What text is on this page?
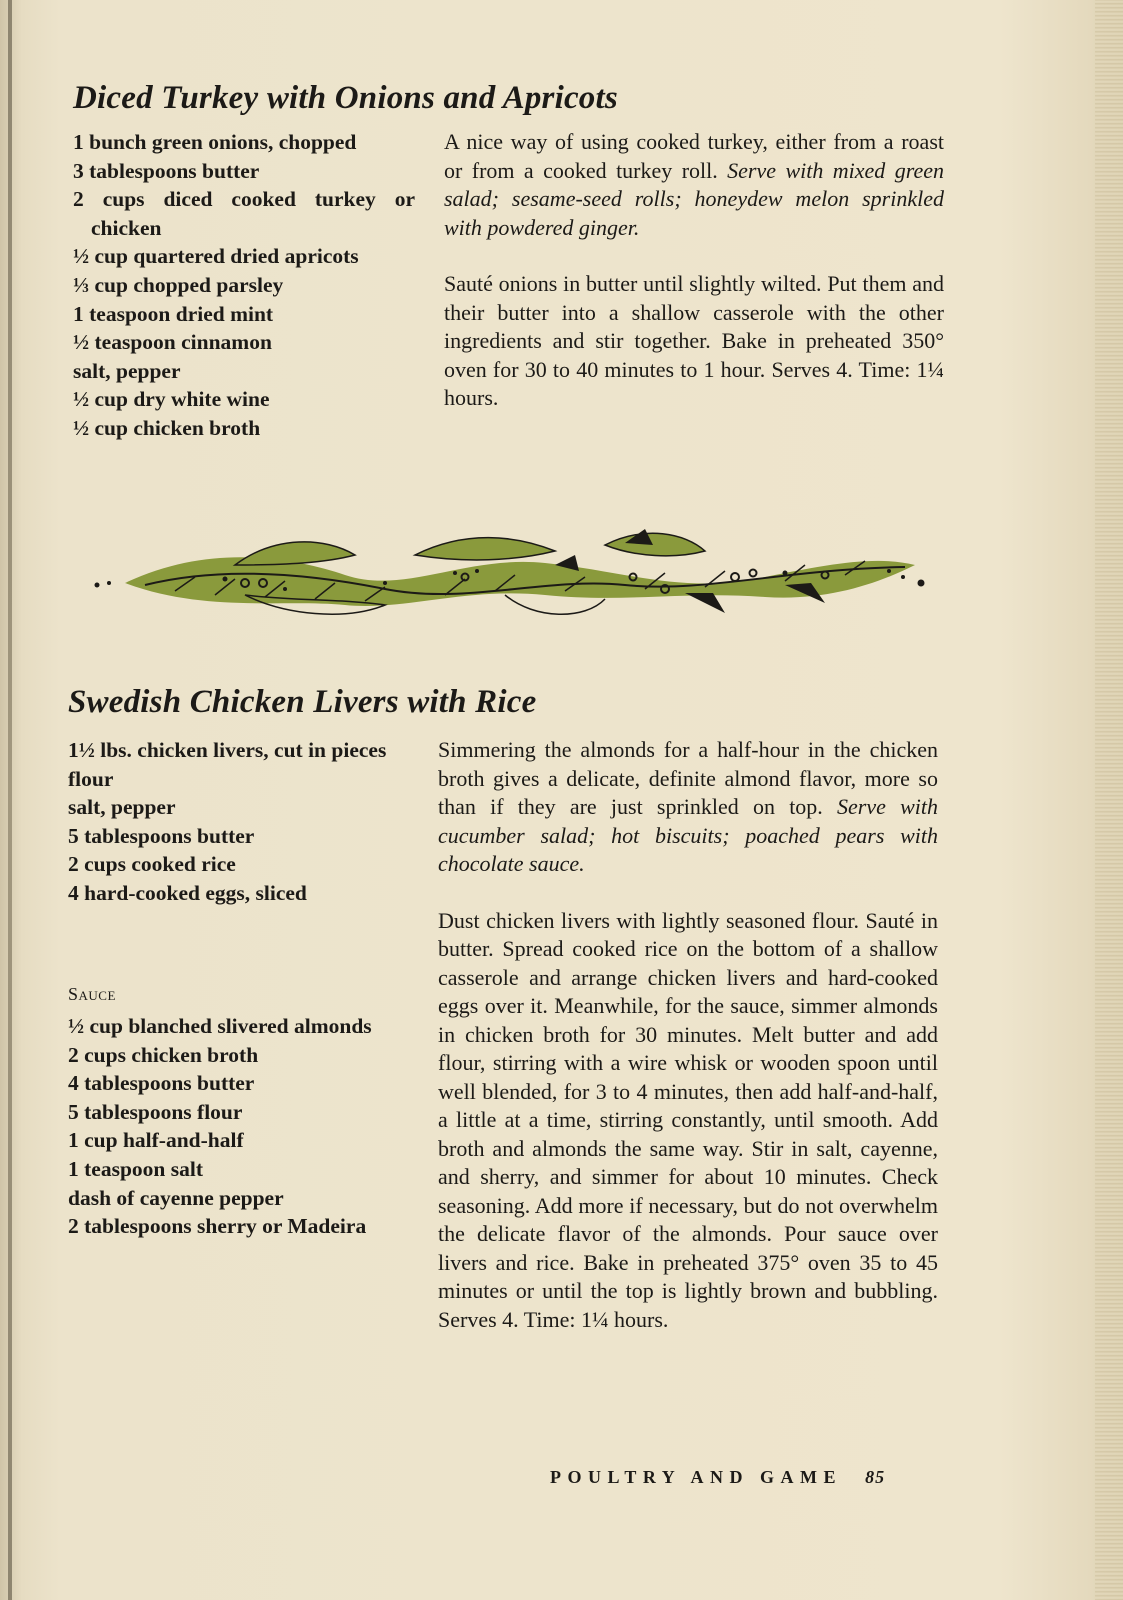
Diced Turkey with Onions and Apricots
1 bunch green onions, chopped
3 tablespoons butter
2 cups diced cooked turkey or chicken
½ cup quartered dried apricots
⅓ cup chopped parsley
1 teaspoon dried mint
½ teaspoon cinnamon
salt, pepper
½ cup dry white wine
½ cup chicken broth

A nice way of using cooked turkey, either from a roast or from a cooked turkey roll. Serve with mixed green salad; sesame-seed rolls; honeydew melon sprinkled with powdered ginger.

Sauté onions in butter until slightly wilted. Put them and their butter into a shallow casserole with the other ingredients and stir together. Bake in preheated 350° oven for 30 to 40 minutes to 1 hour. Serves 4. Time: 1¼ hours.

Swedish Chicken Livers with Rice
1½ lbs. chicken livers, cut in pieces
flour
salt, pepper
5 tablespoons butter
2 cups cooked rice
4 hard-cooked eggs, sliced
Sauce
½ cup blanched slivered almonds
2 cups chicken broth
4 tablespoons butter
5 tablespoons flour
1 cup half-and-half
1 teaspoon salt
dash of cayenne pepper
2 tablespoons sherry or Madeira

Simmering the almonds for a half-hour in the chicken broth gives a delicate, definite almond flavor, more so than if they are just sprinkled on top. Serve with cucumber salad; hot biscuits; poached pears with chocolate sauce.

Dust chicken livers with lightly seasoned flour. Sauté in butter. Spread cooked rice on the bottom of a shallow casserole and arrange chicken livers and hard-cooked eggs over it. Meanwhile, for the sauce, simmer almonds in chicken broth for 30 minutes. Melt butter and add flour, stirring with a wire whisk or wooden spoon until well blended, for 3 to 4 minutes, then add half-and-half, a little at a time, stirring constantly, until smooth. Add broth and almonds the same way. Stir in salt, cayenne, and sherry, and simmer for about 10 minutes. Check seasoning. Add more if necessary, but do not overwhelm the delicate flavor of the almonds. Pour sauce over livers and rice. Bake in preheated 375° oven 35 to 45 minutes or until the top is lightly brown and bubbling. Serves 4. Time: 1¼ hours.

POULTRY AND GAME 85
